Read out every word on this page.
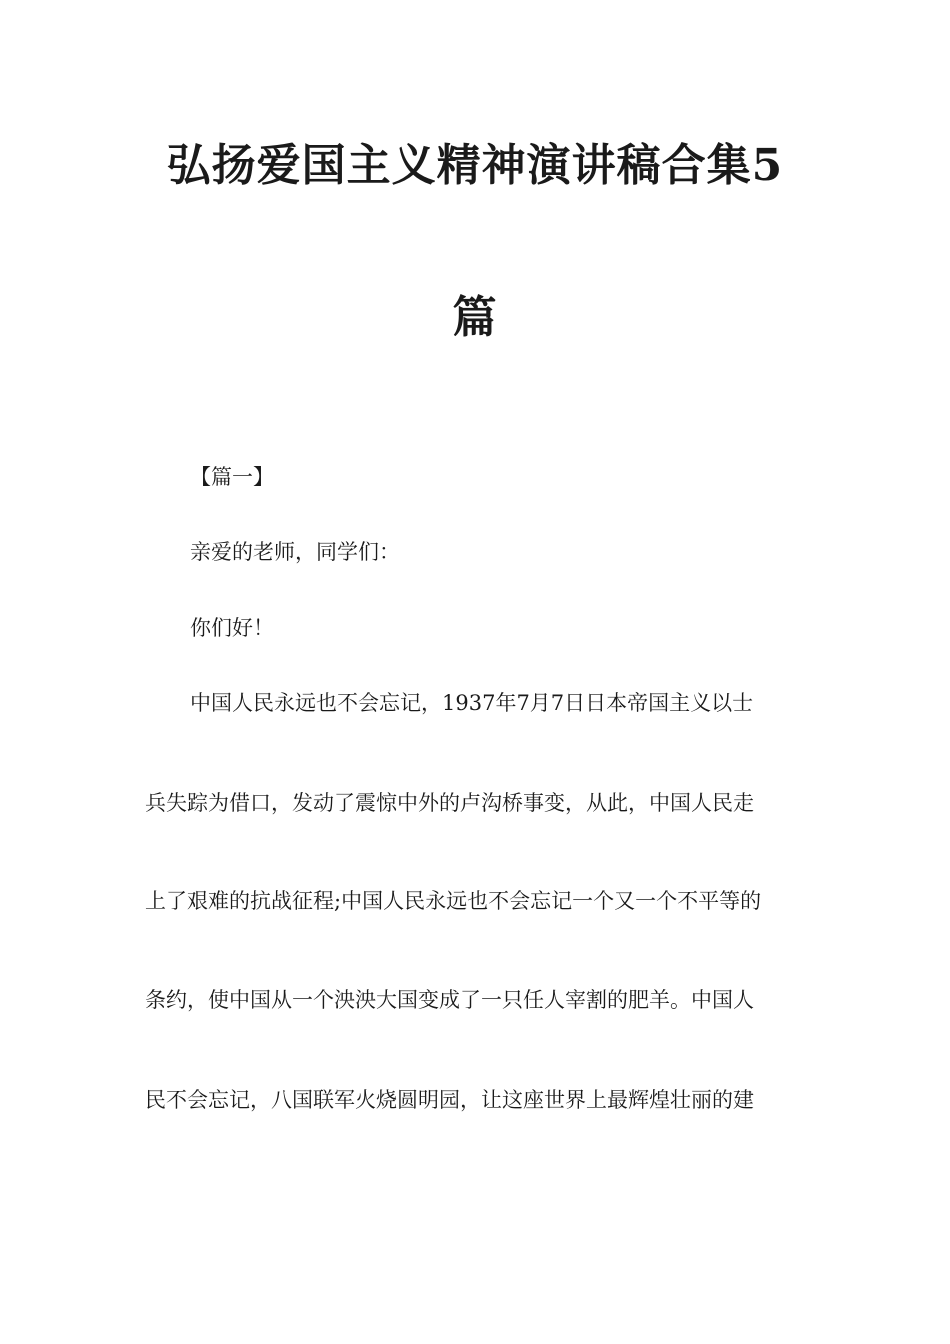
弘扬爱国主义精神演讲稿合集5
篇
【篇一】
亲爱的老师，同学们：
你们好！
中国人民永远也不会忘记，1937年7月7日日本帝国主义以士
兵失踪为借口，发动了震惊中外的卢沟桥事变，从此，中国人民走
上了艰难的抗战征程;中国人民永远也不会忘记一个又一个不平等的
条约，使中国从一个泱泱大国变成了一只任人宰割的肥羊。中国人
民不会忘记，八国联军火烧圆明园，让这座世界上最辉煌壮丽的建
